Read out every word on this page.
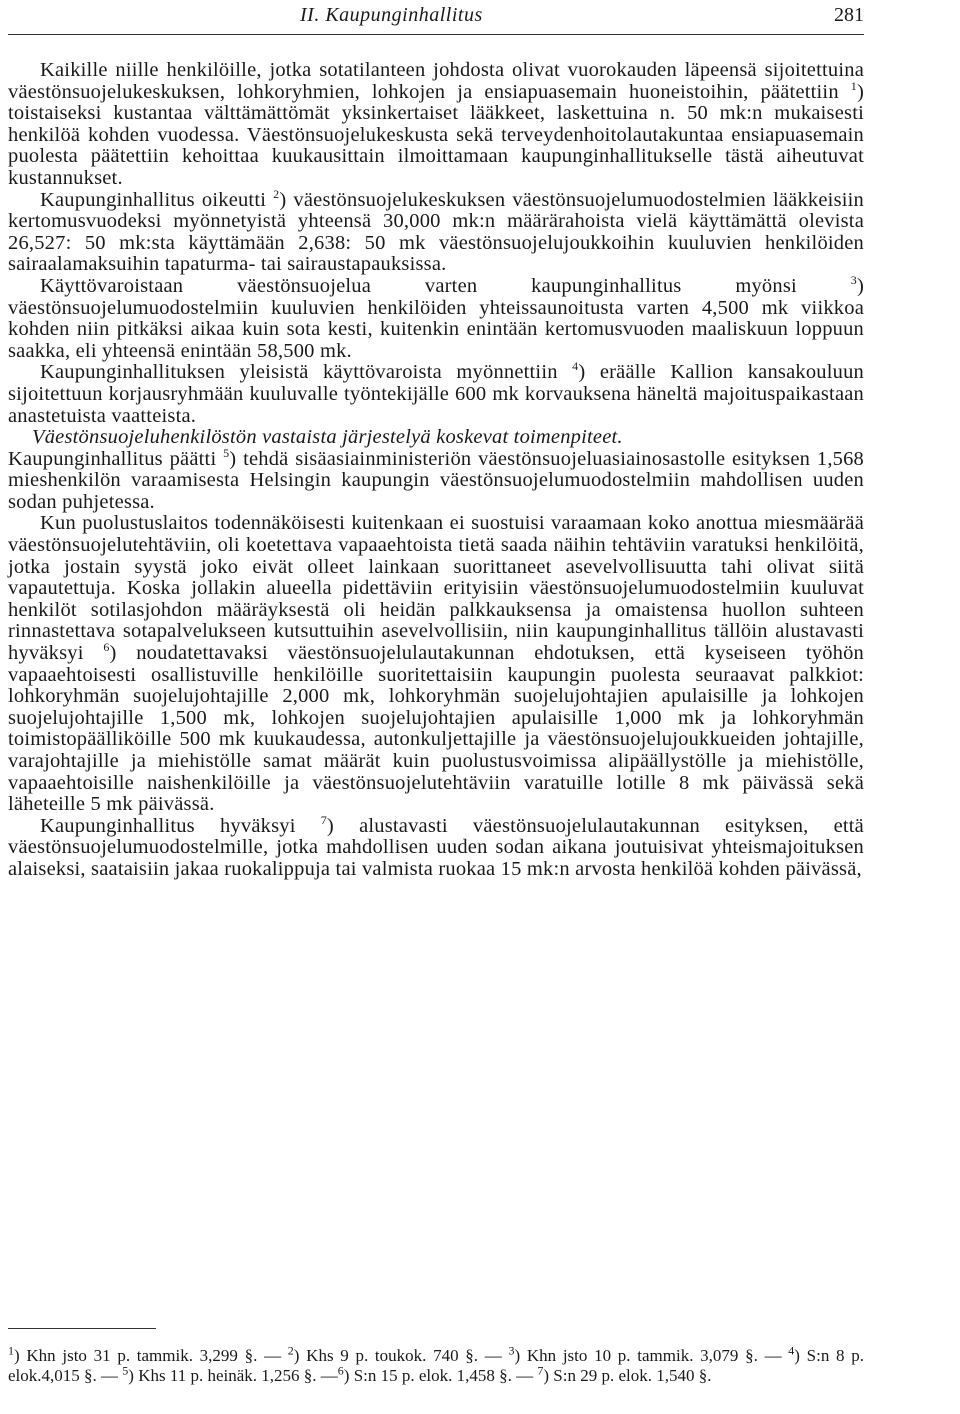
II. Kaupunginhallitus	281

Kaikille niille henkilöille, jotka sotatilanteen johdosta olivat vuorokauden läpeensä sijoitettuina väestönsuojelukeskuksen, lohkoryhmien, lohkojen ja ensiapuasemain huoneistoihin, päätettiin $^1$) toistaiseksi kustantaa välttämättömät yksinkertaiset lääkkeet, laskettuina n. 50 mk:n mukaisesti henkilöä kohden vuodessa. Väestönsuojelukeskusta sekä terveydenhoitolautakuntaa ensiapuasemain puolesta päätettiin kehoittaa kuukausittain ilmoittamaan kaupunginhallitukselle tästä aiheutuvat kustannukset.

Kaupunginhallitus oikeutti $^2$) väestönsuojelukeskuksen väestönsuojelumuodostelmien lääkkeisiin kertomusvuodeksi myönnetyistä yhteensä 30,000 mk:n määrärahoista vielä käyttämättä olevista 26,527: 50 mk:sta käyttämään 2,638: 50 mk väestönsuojelujoukkoihin kuuluvien henkilöiden sairaalamaksuihin tapaturma- tai sairaustapauksissa.

Käyttövaroistaan väestönsuojelua varten kaupunginhallitus myönsi $^3$) väestönsuojelumuodostelmiin kuuluvien henkilöiden yhteissaunoitusta varten 4,500 mk viikkoa kohden niin pitkäksi aikaa kuin sota kesti, kuitenkin enintään kertomusvuoden maaliskuun loppuun saakka, eli yhteensä enintään 58,500 mk.

Kaupunginhallituksen yleisistä käyttövaroista myönnettiin $^4$) eräälle Kallion kansakouluun sijoitettuun korjausryhmään kuuluvalle työntekijälle 600 mk korvauksena häneltä majoituspaikastaan anastetuista vaatteista.

Väestönsuojeluhenkilöstön vastaista järjestelyä koskevat toimenpiteet.

Kaupunginhallitus päätti $^5$) tehdä sisäasiainministeriön väestönsuojeluasiainosastolle esityksen 1,568 mieshenkilön varaamisesta Helsingin kaupungin väestönsuojelumuodostelmiin mahdollisen uuden sodan puhjetessa.

Kun puolustuslaitos todennäköisesti kuitenkaan ei suostuisi varaamaan koko anottua miesmäärää väestönsuojelutehtäviin, oli koetettava vapaaehtoista tietä saada näihin tehtäviin varatuksi henkilöitä, jotka jostain syystä joko eivät olleet lainkaan suorittaneet asevelvollisuutta tahi olivat siitä vapautettuja. Koska jollakin alueella pidettäviin erityisiin väestönsuojelumuodostelmiin kuuluvat henkilöt sotilasjohdon määräyksestä oli heidän palkkauksensa ja omaistensa huollon suhteen rinnastettava sotapalvelukseen kutsuttuihin asevelvollisiin, niin kaupunginhallitus tällöin alustavasti hyväksyi $^6$) noudatettavaksi väestönsuojelulautakunnan ehdotuksen, että kyseiseen työhön vapaaehtoisesti osallistuville henkilöille suoritettaisiin kaupungin puolesta seuraavat palkkiot: lohkoryhmän suojelujohtajille 2,000 mk, lohkoryhmän suojelujohtajien apulaisille ja lohkojen suojelujohtajille 1,500 mk, lohkojen suojelujohtajien apulaisille 1,000 mk ja lohkoryhmän toimistopäälliköille 500 mk kuukaudessa, autonkuljettajille ja väestönsuojelujoukkueiden johtajille, varajohtajille ja miehistölle samat määrät kuin puolustusvoimissa alipäällystölle ja miehistölle, vapaaehtoisille naishenkilöille ja väestönsuojelutehtäviin varatuille lotille 8 mk päivässä sekä läheteille 5 mk päivässä.

Kaupunginhallitus hyväksyi $^7$) alustavasti väestönsuojelulautakunnan esityksen, että väestönsuojelumuodostelmille, jotka mahdollisen uuden sodan aikana joutuisivat yhteismajoituksen alaiseksi, saataisiin jakaa ruokalippuja tai valmista ruokaa 15 mk:n arvosta henkilöä kohden päivässä,

$^1$) Khn jsto 31 p. tammik. 3,299 §. — $^2$) Khs 9 p. toukok. 740 §. — $^3$) Khn jsto 10 p. tammik. 3,079 §. — $^4$) S:n 8 p. elok.4,015 §. — $^5$) Khs 11 p. heinäk. 1,256 §. —$^6$) S:n 15 p. elok. 1,458 §. — $^7$) S:n 29 p. elok. 1,540 §.
